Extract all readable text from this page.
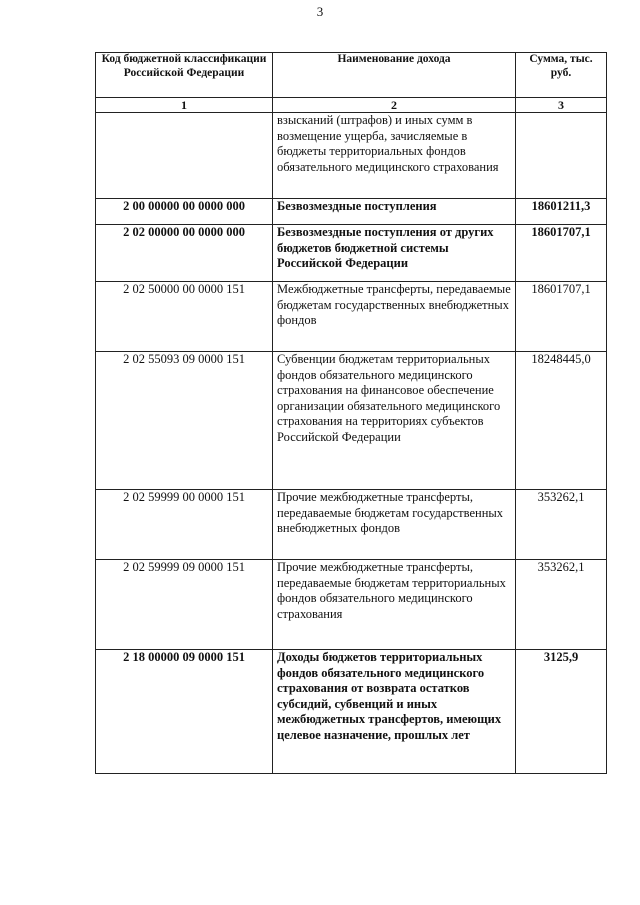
3
Код бюджетной классификации Российской Федерации	Наименование дохода	Сумма, тыс. руб.
1	2	3
	взысканий (штрафов) и иных сумм в возмещение ущерба, зачисляемые в бюджеты территориальных фондов обязательного медицинского страхования	
2 00 00000 00 0000 000	Безвозмездные поступления	18601211,3
2 02 00000 00 0000 000	Безвозмездные поступления от других бюджетов бюджетной системы Российской Федерации	18601707,1
2 02 50000 00 0000 151	Межбюджетные трансферты, передаваемые бюджетам государственных внебюджетных фондов	18601707,1
2 02 55093 09 0000 151	Субвенции бюджетам территориальных фондов обязательного медицинского страхования на финансовое обеспечение организации обязательного медицинского страхования на территориях субъектов Российской Федерации	18248445,0
2 02 59999 00 0000 151	Прочие межбюджетные трансферты, передаваемые бюджетам государственных внебюджетных фондов	353262,1
2 02 59999 09 0000 151	Прочие межбюджетные трансферты, передаваемые бюджетам территориальных фондов обязательного медицинского страхования	353262,1
2 18 00000 09 0000 151	Доходы бюджетов территориальных фондов обязательного медицинского страхования от возврата остатков субсидий, субвенций и иных межбюджетных трансфертов, имеющих целевое назначение, прошлых лет	3125,9
